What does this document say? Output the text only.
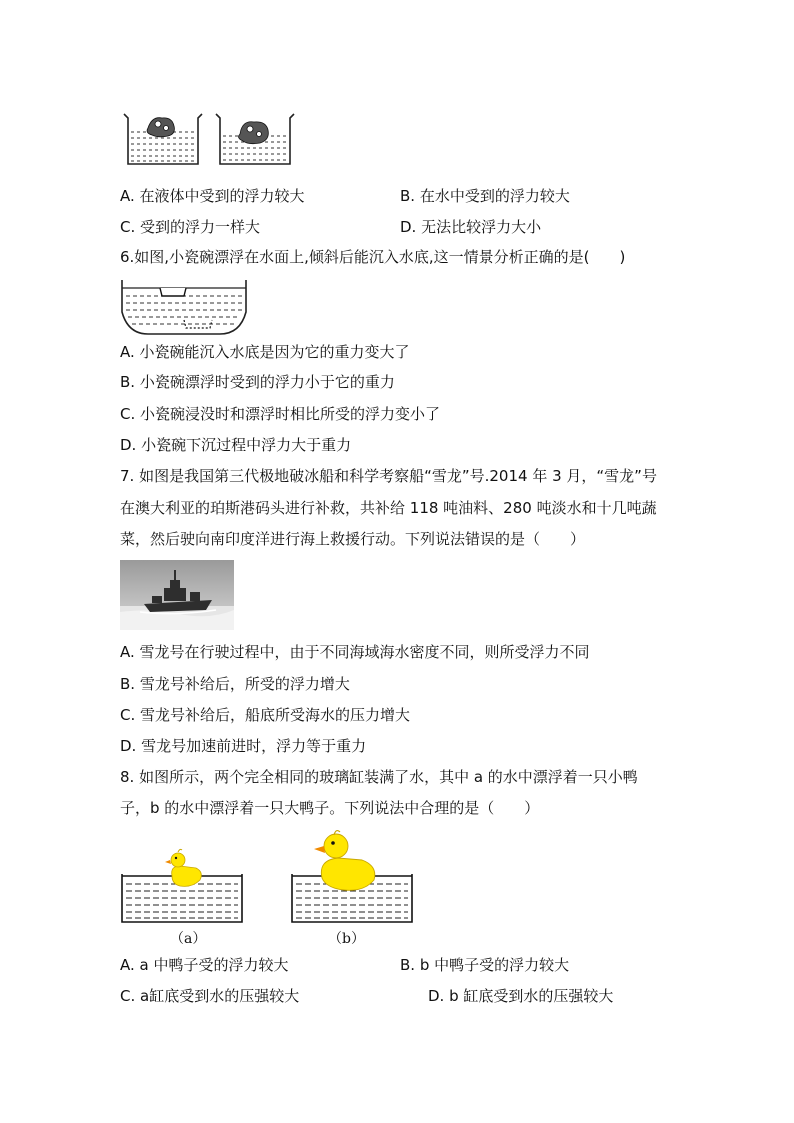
A. 在液体中受到的浮力较大	B. 在水中受到的浮力较大
C. 受到的浮力一样大	D. 无法比较浮力大小
6.如图,小瓷碗漂浮在水面上,倾斜后能沉入水底,这一情景分析正确的是(　　)
A. 小瓷碗能沉入水底是因为它的重力变大了
B. 小瓷碗漂浮时受到的浮力小于它的重力
C. 小瓷碗浸没时和漂浮时相比所受的浮力变小了
D. 小瓷碗下沉过程中浮力大于重力
7. 如图是我国第三代极地破冰船和科学考察船“雪龙”号.2014 年 3 月，“雪龙”号
在澳大利亚的珀斯港码头进行补救，共补给 118 吨油料、280 吨淡水和十几吨蔬
菜，然后驶向南印度洋进行海上救援行动。下列说法错误的是（　　）
A. 雪龙号在行驶过程中，由于不同海域海水密度不同，则所受浮力不同
B. 雪龙号补给后，所受的浮力增大
C. 雪龙号补给后，船底所受海水的压力增大
D. 雪龙号加速前进时，浮力等于重力
8. 如图所示，两个完全相同的玻璃缸装满了水，其中 a 的水中漂浮着一只小鸭
子，b 的水中漂浮着一只大鸭子。下列说法中合理的是（　　）
（a）	（b）
A. a 中鸭子受的浮力较大	B. b 中鸭子受的浮力较大
C. a缸底受到水的压强较大	D. b 缸底受到水的压强较大
